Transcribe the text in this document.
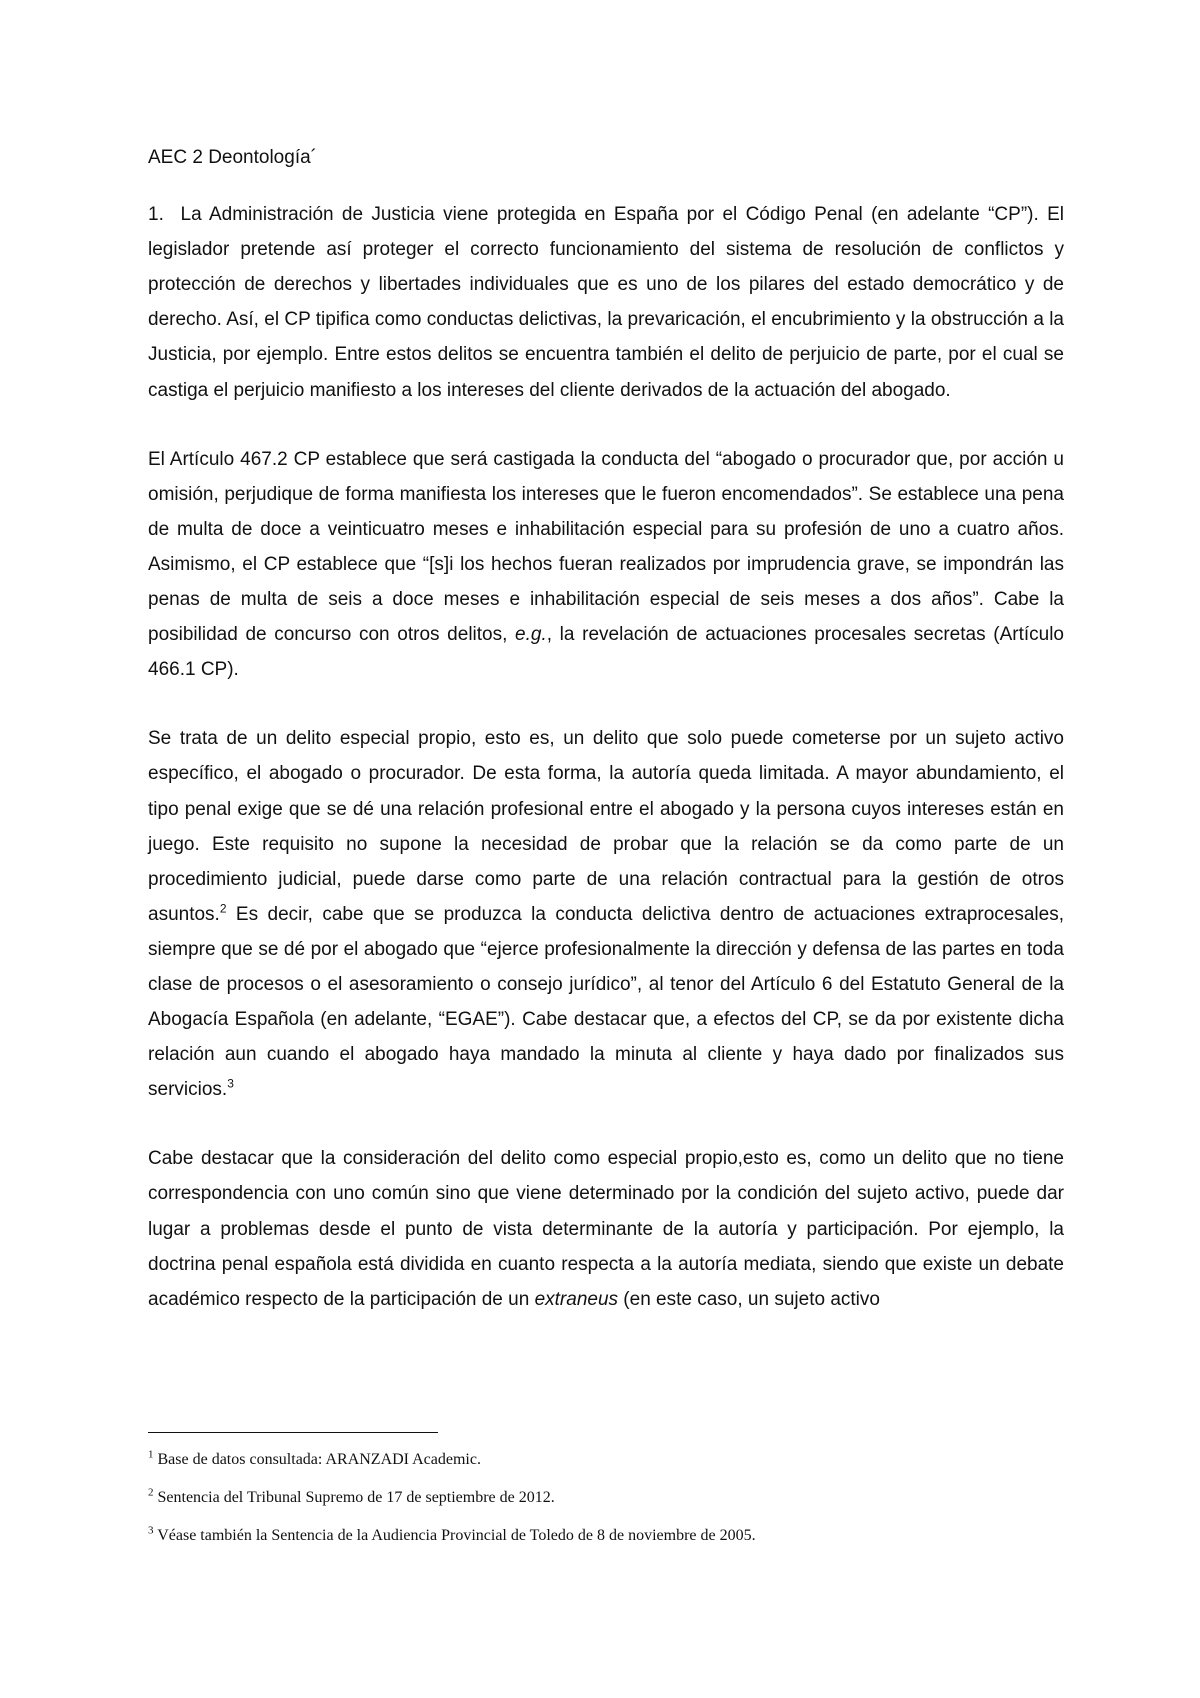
AEC 2 Deontología´

1. La Administración de Justicia viene protegida en España por el Código Penal (en adelante “CP”). El legislador pretende así proteger el correcto funcionamiento del sistema de resolución de conflictos y protección de derechos y libertades individuales que es uno de los pilares del estado democrático y de derecho. Así, el CP tipifica como conductas delictivas, la prevaricación, el encubrimiento y la obstrucción a la Justicia, por ejemplo. Entre estos delitos se encuentra también el delito de perjuicio de parte, por el cual se castiga el perjuicio manifiesto a los intereses del cliente derivados de la actuación del abogado.

El Artículo 467.2 CP establece que será castigada la conducta del “abogado o procurador que, por acción u omisión, perjudique de forma manifiesta los intereses que le fueron encomendados”. Se establece una pena de multa de doce a veinticuatro meses e inhabilitación especial para su profesión de uno a cuatro años. Asimismo, el CP establece que “[s]i los hechos fueran realizados por imprudencia grave, se impondrán las penas de multa de seis a doce meses e inhabilitación especial de seis meses a dos años”. Cabe la posibilidad de concurso con otros delitos, e.g., la revelación de actuaciones procesales secretas (Artículo 466.1 CP).

Se trata de un delito especial propio, esto es, un delito que solo puede cometerse por un sujeto activo específico, el abogado o procurador. De esta forma, la autoría queda limitada. A mayor abundamiento, el tipo penal exige que se dé una relación profesional entre el abogado y la persona cuyos intereses están en juego. Este requisito no supone la necesidad de probar que la relación se da como parte de un procedimiento judicial, puede darse como parte de una relación contractual para la gestión de otros asuntos.$^2$ Es decir, cabe que se produzca la conducta delictiva dentro de actuaciones extraprocesales, siempre que se dé por el abogado que “ejerce profesionalmente la dirección y defensa de las partes en toda clase de procesos o el asesoramiento o consejo jurídico”, al tenor del Artículo 6 del Estatuto General de la Abogacía Española (en adelante, “EGAE”). Cabe destacar que, a efectos del CP, se da por existente dicha relación aun cuando el abogado haya mandado la minuta al cliente y haya dado por finalizados sus servicios.$^3$

Cabe destacar que la consideración del delito como especial propio,esto es, como un delito que no tiene correspondencia con uno común sino que viene determinado por la condición del sujeto activo, puede dar lugar a problemas desde el punto de vista determinante de la autoría y participación. Por ejemplo, la doctrina penal española está dividida en cuanto respecta a la autoría mediata, siendo que existe un debate académico respecto de la participación de un extraneus (en este caso, un sujeto activo

$^1$ Base de datos consultada: ARANZADI Academic.

$^2$ Sentencia del Tribunal Supremo de 17 de septiembre de 2012.

$^3$ Véase también la Sentencia de la Audiencia Provincial de Toledo de 8 de noviembre de 2005.
